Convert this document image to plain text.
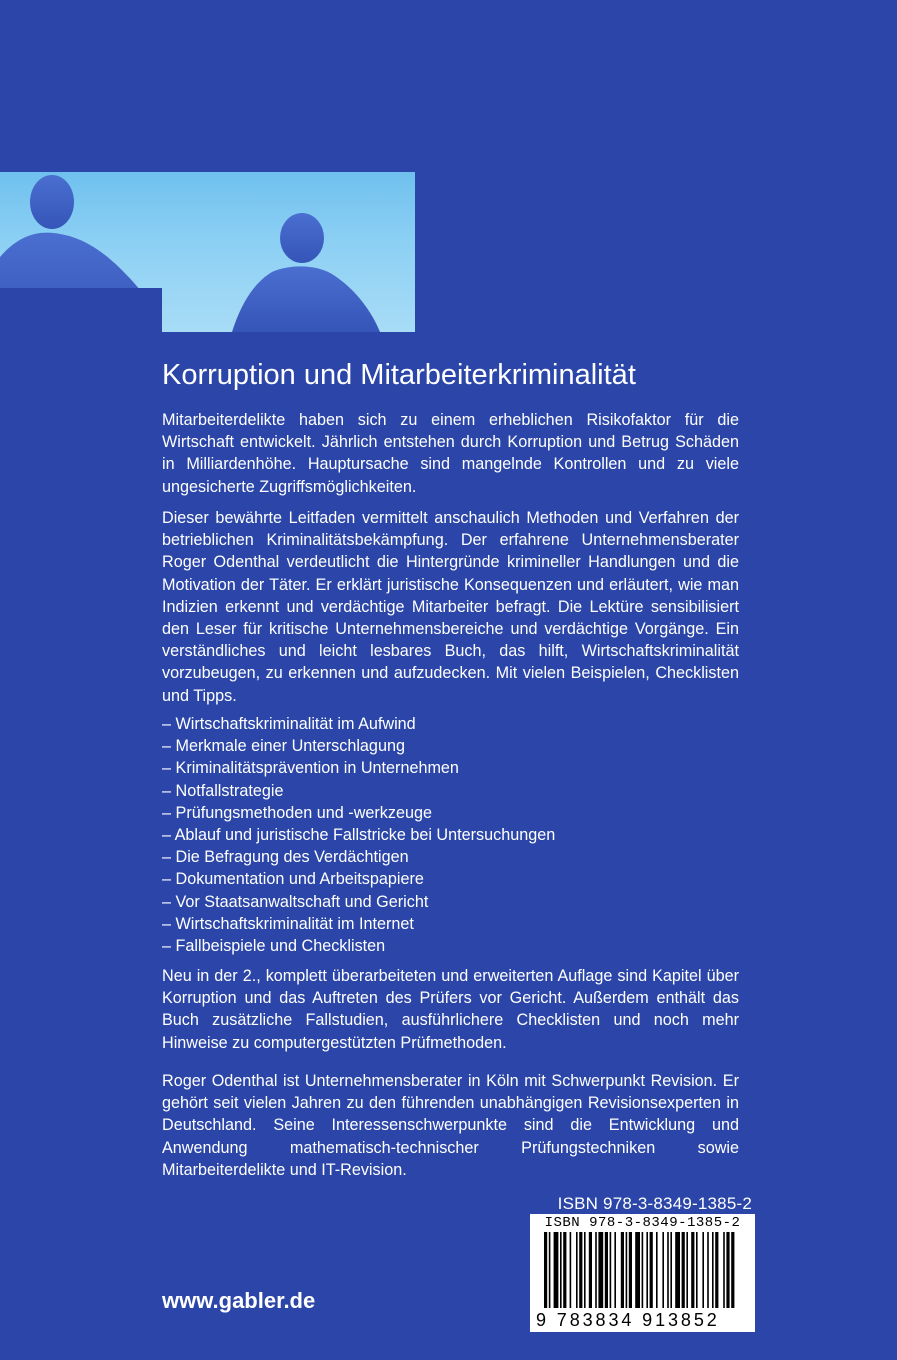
Korruption und Mitarbeiterkriminalität

Mitarbeiterdelikte haben sich zu einem erheblichen Risikofaktor für die Wirtschaft entwickelt. Jährlich entstehen durch Korruption und Betrug Schäden in Milliardenhöhe. Hauptursache sind mangelnde Kontrollen und zu viele ungesicherte Zugriffsmöglichkeiten.

Dieser bewährte Leitfaden vermittelt anschaulich Methoden und Verfahren der betrieblichen Kriminalitätsbekämpfung. Der erfahrene Unternehmensberater Roger Odenthal verdeutlicht die Hintergründe krimineller Handlungen und die Motivation der Täter. Er erklärt juristische Konsequenzen und erläutert, wie man Indizien erkennt und verdächtige Mitarbeiter befragt. Die Lektüre sensibilisiert den Leser für kritische Unternehmensbereiche und verdächtige Vorgänge. Ein verständliches und leicht lesbares Buch, das hilft, Wirtschaftskriminalität vorzubeugen, zu erkennen und aufzudecken. Mit vielen Beispielen, Checklisten und Tipps.

– Wirtschaftskriminalität im Aufwind
– Merkmale einer Unterschlagung
– Kriminalitätsprävention in Unternehmen
– Notfallstrategie
– Prüfungsmethoden und -werkzeuge
– Ablauf und juristische Fallstricke bei Untersuchungen
– Die Befragung des Verdächtigen
– Dokumentation und Arbeitspapiere
– Vor Staatsanwaltschaft und Gericht
– Wirtschaftskriminalität im Internet
– Fallbeispiele und Checklisten

Neu in der 2., komplett überarbeiteten und erweiterten Auflage sind Kapitel über Korruption und das Auftreten des Prüfers vor Gericht. Außerdem enthält das Buch zusätzliche Fallstudien, ausführlichere Checklisten und noch mehr Hinweise zu computergestützten Prüfmethoden.

Roger Odenthal ist Unternehmensberater in Köln mit Schwerpunkt Revision. Er gehört seit vielen Jahren zu den führenden unabhängigen Revisionsexperten in Deutschland. Seine Interessenschwerpunkte sind die Entwicklung und Anwendung mathematisch-technischer Prüfungstechniken sowie Mitarbeiterdelikte und IT-Revision.

ISBN 978-3-8349-1385-2
ISBN 978-3-8349-1385-2
9 783834 913852
www.gabler.de
